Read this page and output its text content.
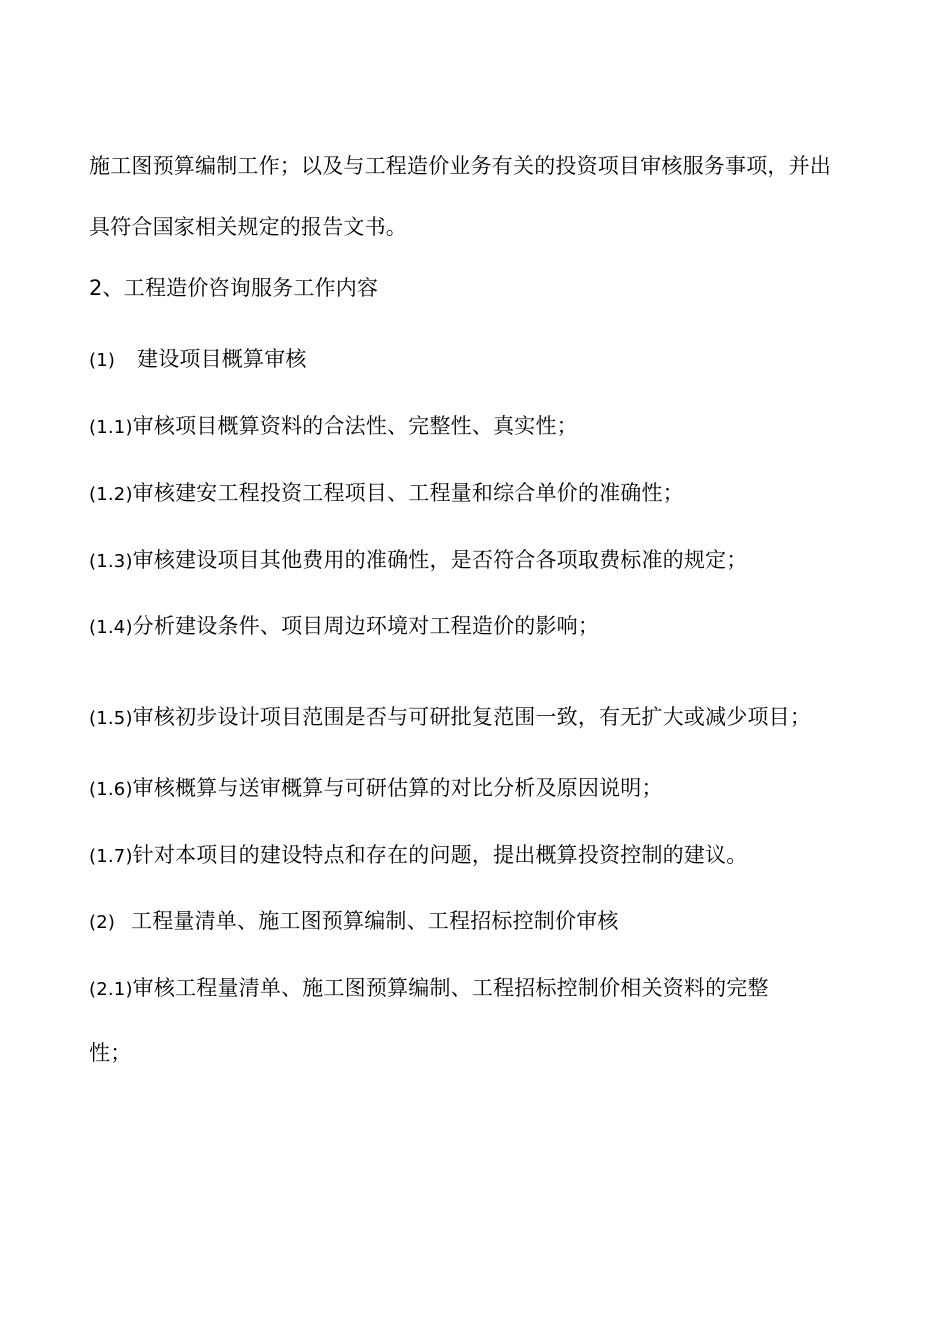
施工图预算编制工作；以及与工程造价业务有关的投资项目审核服务事项，并出

具符合国家相关规定的报告文书。

2、工程造价咨询服务工作内容

(1) 建设项目概算审核

(1.1)审核项目概算资料的合法性、完整性、真实性；

(1.2)审核建安工程投资工程项目、工程量和综合单价的准确性；

(1.3)审核建设项目其他费用的准确性，是否符合各项取费标准的规定；

(1.4)分析建设条件、项目周边环境对工程造价的影响；

(1.5)审核初步设计项目范围是否与可研批复范围一致，有无扩大或减少项目；

(1.6)审核概算与送审概算与可研估算的对比分析及原因说明；

(1.7)针对本项目的建设特点和存在的问题，提出概算投资控制的建议。

(2) 工程量清单、施工图预算编制、工程招标控制价审核

(2.1)审核工程量清单、施工图预算编制、工程招标控制价相关资料的完整

性；
